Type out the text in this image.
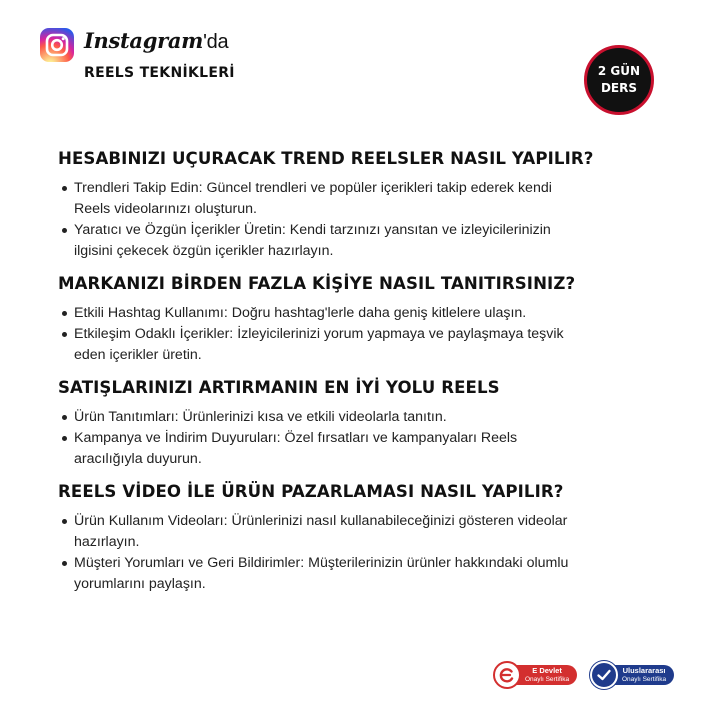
Instagram'da
REELS TEKNİKLERİ	2 GÜN
DERS
HESABINIZI UÇURACAK TREND REELSLER NASIL YAPILIR?
Trendleri Takip Edin: Güncel trendleri ve popüler içerikleri takip ederek kendi Reels videolarınızı oluşturun.
Yaratıcı ve Özgün İçerikler Üretin: Kendi tarzınızı yansıtan ve izleyicilerinizin ilgisini çekecek özgün içerikler hazırlayın.
MARKANIZI BİRDEN FAZLA KİŞİYE NASIL TANITIRSINIZ?
Etkili Hashtag Kullanımı: Doğru hashtag'lerle daha geniş kitlelere ulaşın.
Etkileşim Odaklı İçerikler: İzleyicilerinizi yorum yapmaya ve paylaşmaya teşvik eden içerikler üretin.
SATIŞLARINIZI ARTIRMANIN EN İYİ YOLU REELS
Ürün Tanıtımları: Ürünlerinizi kısa ve etkili videolarla tanıtın.
Kampanya ve İndirim Duyuruları: Özel fırsatları ve kampanyaları Reels aracılığıyla duyurun.
REELS VİDEO İLE ÜRÜN PAZARLAMASI NASIL YAPILIR?
Ürün Kullanım Videoları: Ürünlerinizi nasıl kullanabileceğinizi gösteren videolar hazırlayın.
Müşteri Yorumları ve Geri Bildirimler: Müşterilerinizin ürünler hakkındaki olumlu yorumlarını paylaşın.
E Devlet
Onaylı Sertifika
Uluslararası
Onaylı Sertifika
